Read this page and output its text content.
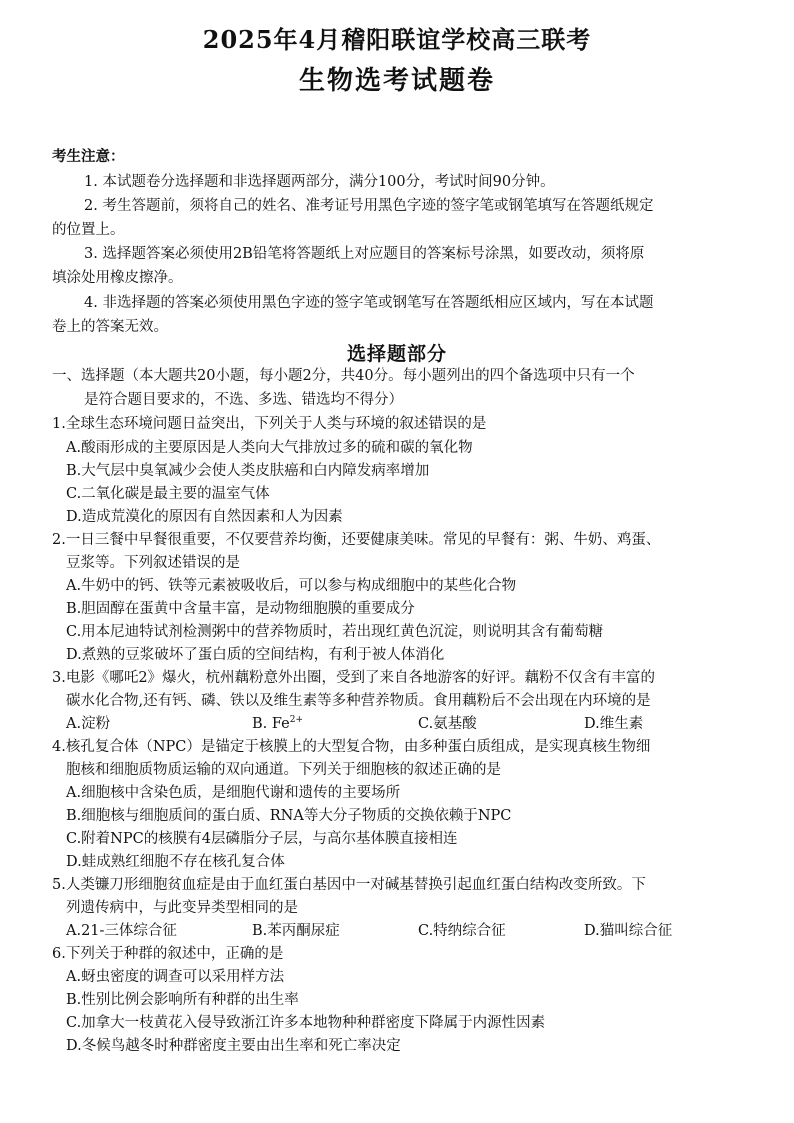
2025年4月稽阳联谊学校高三联考
生物选考试题卷
考生注意：
1. 本试题卷分选择题和非选择题两部分，满分100分，考试时间90分钟。
2. 考生答题前，须将自己的姓名、准考证号用黑色字迹的签字笔或钢笔填写在答题纸规定
的位置上。
3. 选择题答案必须使用2B铅笔将答题纸上对应题目的答案标号涂黑，如要改动，须将原
填涂处用橡皮擦净。
4. 非选择题的答案必须使用黑色字迹的签字笔或钢笔写在答题纸相应区域内，写在本试题
卷上的答案无效。
选择题部分
一、选择题（本大题共20小题，每小题2分，共40分。每小题列出的四个备选项中只有一个
是符合题目要求的，不选、多选、错选均不得分）
1.全球生态环境问题日益突出，下列关于人类与环境的叙述错误的是
A.酸雨形成的主要原因是人类向大气排放过多的硫和碳的氧化物
B.大气层中臭氧减少会使人类皮肤癌和白内障发病率增加
C.二氧化碳是最主要的温室气体
D.造成荒漠化的原因有自然因素和人为因素
2.一日三餐中早餐很重要，不仅要营养均衡，还要健康美味。常见的早餐有：粥、牛奶、鸡蛋、
豆浆等。下列叙述错误的是
A.牛奶中的钙、铁等元素被吸收后，可以参与构成细胞中的某些化合物
B.胆固醇在蛋黄中含量丰富，是动物细胞膜的重要成分
C.用本尼迪特试剂检测粥中的营养物质时，若出现红黄色沉淀，则说明其含有葡萄糖
D.煮熟的豆浆破坏了蛋白质的空间结构，有利于被人体消化
3.电影《哪吒2》爆火，杭州藕粉意外出圈，受到了来自各地游客的好评。藕粉不仅含有丰富的
碳水化合物,还有钙、磷、铁以及维生素等多种营养物质。食用藕粉后不会出现在内环境的是
A.淀粉	B. $Fe^{2+}$	C.氨基酸	D.维生素
4.核孔复合体（NPC）是锚定于核膜上的大型复合物，由多种蛋白质组成，是实现真核生物细
胞核和细胞质物质运输的双向通道。下列关于细胞核的叙述正确的是
A.细胞核中含染色质，是细胞代谢和遗传的主要场所
B.细胞核与细胞质间的蛋白质、RNA等大分子物质的交换依赖于NPC
C.附着NPC的核膜有4层磷脂分子层，与高尔基体膜直接相连
D.蛙成熟红细胞不存在核孔复合体
5.人类镰刀形细胞贫血症是由于血红蛋白基因中一对碱基替换引起血红蛋白结构改变所致。下
列遗传病中，与此变异类型相同的是
A.21-三体综合征	B.苯丙酮尿症	C.特纳综合征	D.猫叫综合征
6.下列关于种群的叙述中，正确的是
A.蚜虫密度的调查可以采用样方法
B.性别比例会影响所有种群的出生率
C.加拿大一枝黄花入侵导致浙江许多本地物种种群密度下降属于内源性因素
D.冬候鸟越冬时种群密度主要由出生率和死亡率决定
